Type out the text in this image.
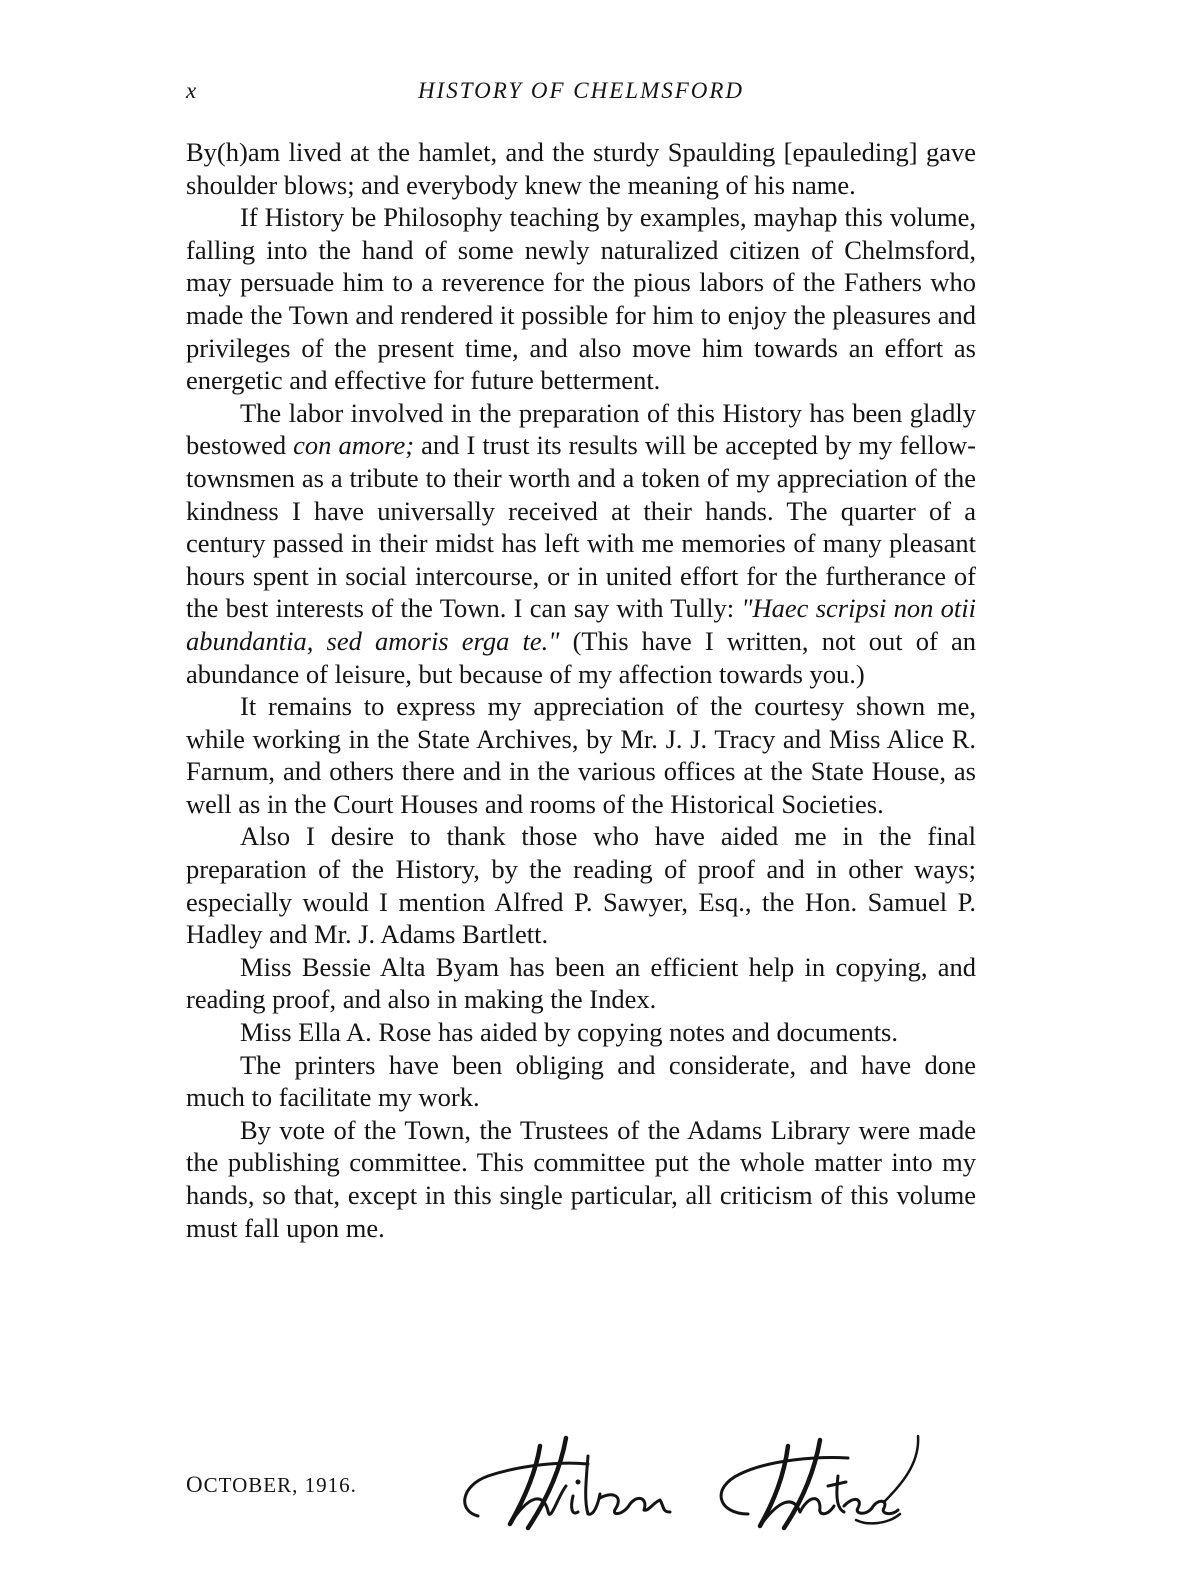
x	HISTORY OF CHELMSFORD

By(h)am lived at the hamlet, and the sturdy Spaulding [epauleding] gave shoulder blows; and everybody knew the meaning of his name.

If History be Philosophy teaching by examples, mayhap this volume, falling into the hand of some newly naturalized citizen of Chelmsford, may persuade him to a reverence for the pious labors of the Fathers who made the Town and rendered it possible for him to enjoy the pleasures and privileges of the present time, and also move him towards an effort as energetic and effective for future betterment.

The labor involved in the preparation of this History has been gladly bestowed con amore; and I trust its results will be accepted by my fellow-townsmen as a tribute to their worth and a token of my appreciation of the kindness I have universally received at their hands. The quarter of a century passed in their midst has left with me memories of many pleasant hours spent in social intercourse, or in united effort for the furtherance of the best interests of the Town. I can say with Tully: "Haec scripsi non otii abundantia, sed amoris erga te." (This have I written, not out of an abundance of leisure, but because of my affection towards you.)

It remains to express my appreciation of the courtesy shown me, while working in the State Archives, by Mr. J. J. Tracy and Miss Alice R. Farnum, and others there and in the various offices at the State House, as well as in the Court Houses and rooms of the Historical Societies.

Also I desire to thank those who have aided me in the final preparation of the History, by the reading of proof and in other ways; especially would I mention Alfred P. Sawyer, Esq., the Hon. Samuel P. Hadley and Mr. J. Adams Bartlett.

Miss Bessie Alta Byam has been an efficient help in copying, and reading proof, and also in making the Index.

Miss Ella A. Rose has aided by copying notes and documents.

The printers have been obliging and considerate, and have done much to facilitate my work.

By vote of the Town, the Trustees of the Adams Library were made the publishing committee. This committee put the whole matter into my hands, so that, except in this single particular, all criticism of this volume must fall upon me.

OCTOBER, 1916.
